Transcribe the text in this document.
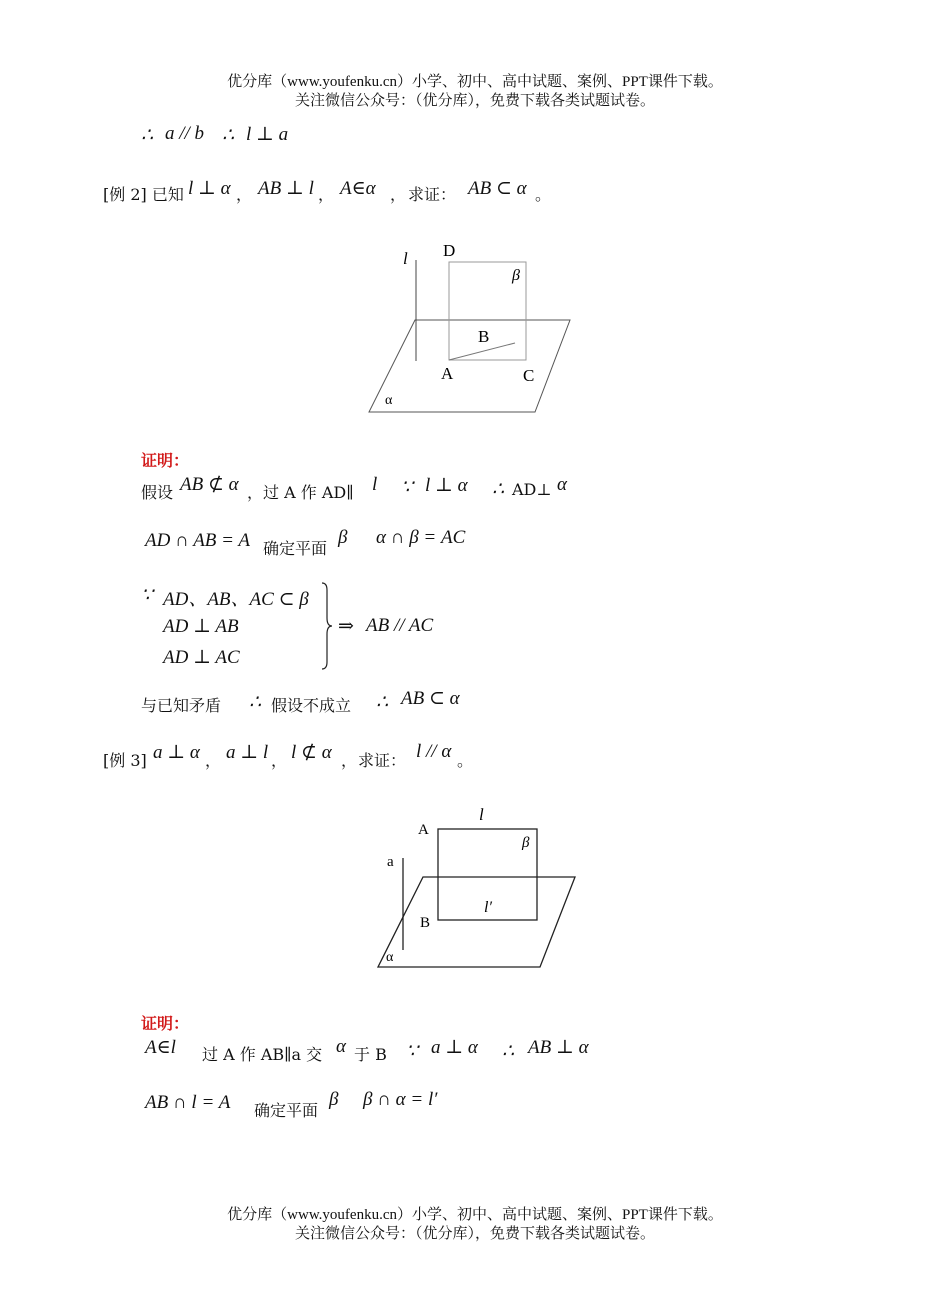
优分库（www.youfenku.cn）小学、初中、高中试题、案例、PPT课件下载。
关注微信公众号：（优分库），免费下载各类试题试卷。
∴ a // b ∴ l ⊥ a
[例 2] 已知 l ⊥ α ， AB ⊥ l ， A∈α ， 求证： AB ⊂ α 。
l D
β
B
A	C
α
证明：
假设 AB ⊄ α ，过 A 作 AD∥ l ∵ l ⊥ α ∴ AD⊥ α
AD ∩ AB = A 确定平面
β α ∩ β = AC
∵ AD、AB、AC ⊂ β
AD ⊥ AB
AD ⊥ AC
⇒ AB // AC
与已知矛盾 ∴ 假设不成立 ∴ AB ⊂ α
[例 3] a ⊥ α ， a ⊥ l ， l ⊄ α ， 求证： l // α 。
l
A
β
a
l′
B
α
证明：
A∈l 过 A 作 AB∥a 交 α 于 B ∵ a ⊥ α ∴ AB ⊥ α
AB ∩ l = A 确定平面
β β ∩ α = l′
优分库（www.youfenku.cn）小学、初中、高中试题、案例、PPT课件下载。
关注微信公众号：（优分库），免费下载各类试题试卷。
